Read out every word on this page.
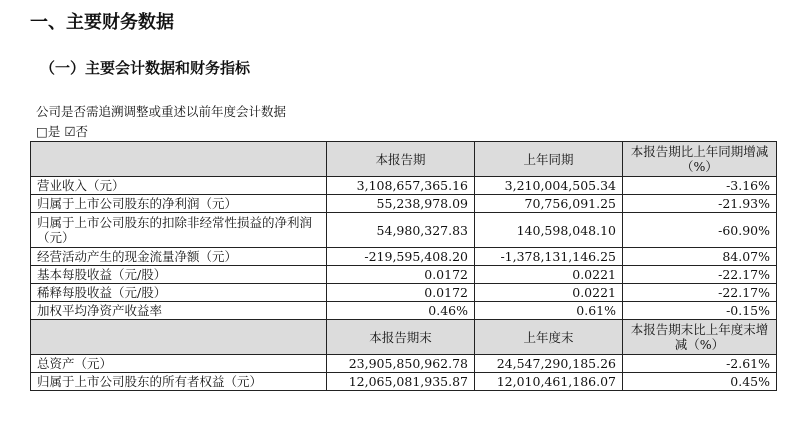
一、主要财务数据
（一）主要会计数据和财务指标
公司是否需追溯调整或重述以前年度会计数据
□是 ☑否
	本报告期	上年同期	本报告期比上年同期增减（%）
营业收入（元）	3,108,657,365.16	3,210,004,505.34	-3.16%
归属于上市公司股东的净利润（元）	55,238,978.09	70,756,091.25	-21.93%
归属于上市公司股东的扣除非经常性损益的净利润（元）	54,980,327.83	140,598,048.10	-60.90%
经营活动产生的现金流量净额（元）	-219,595,408.20	-1,378,131,146.25	84.07%
基本每股收益（元/股）	0.0172	0.0221	-22.17%
稀释每股收益（元/股）	0.0172	0.0221	-22.17%
加权平均净资产收益率	0.46%	0.61%	-0.15%
	本报告期末	上年度末	本报告期末比上年度末增减（%）
总资产（元）	23,905,850,962.78	24,547,290,185.26	-2.61%
归属于上市公司股东的所有者权益（元）	12,065,081,935.87	12,010,461,186.07	0.45%
